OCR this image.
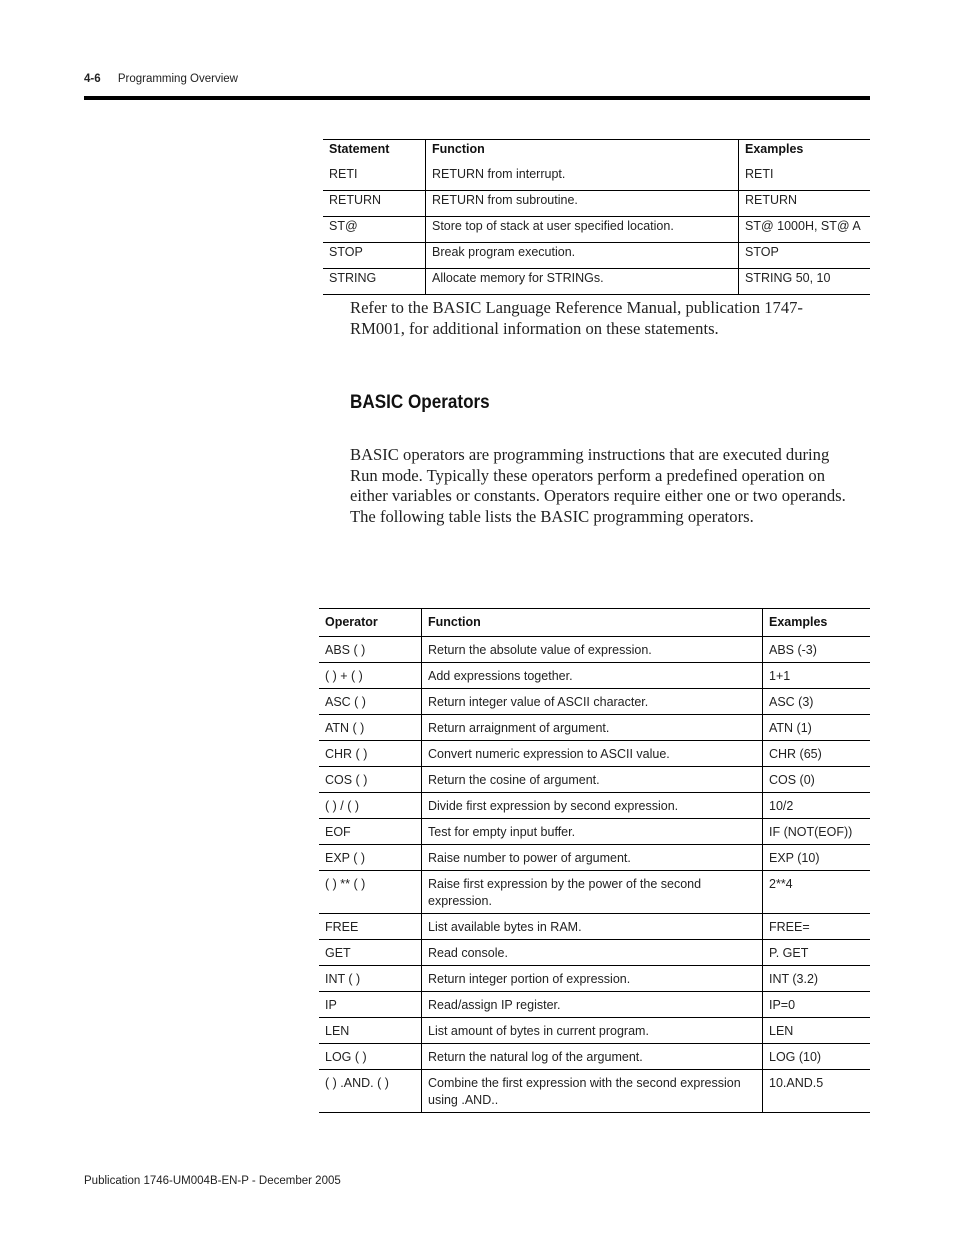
4-6 Programming Overview
Statement	Function	Examples
RETI	RETURN from interrupt.	RETI
RETURN	RETURN from subroutine.	RETURN
ST@	Store top of stack at user specified location.	ST@ 1000H, ST@ A
STOP	Break program execution.	STOP
STRING	Allocate memory for STRINGs.	STRING 50, 10
Refer to the BASIC Language Reference Manual, publication 1747-RM001, for additional information on these statements.
BASIC Operators
BASIC operators are programming instructions that are executed during Run mode. Typically these operators perform a predefined operation on either variables or constants. Operators require either one or two operands. The following table lists the BASIC programming operators.
Operator	Function	Examples
ABS ( )	Return the absolute value of expression.	ABS (-3)
( ) + ( )	Add expressions together.	1+1
ASC ( )	Return integer value of ASCII character.	ASC (3)
ATN ( )	Return arraignment of argument.	ATN (1)
CHR ( )	Convert numeric expression to ASCII value.	CHR (65)
COS ( )	Return the cosine of argument.	COS (0)
( ) / ( )	Divide first expression by second expression.	10/2
EOF	Test for empty input buffer.	IF (NOT(EOF))
EXP ( )	Raise number to power of argument.	EXP (10)
( ) ** ( )	Raise first expression by the power of the second expression.	2**4
FREE	List available bytes in RAM.	FREE=
GET	Read console.	P. GET
INT ( )	Return integer portion of expression.	INT (3.2)
IP	Read/assign IP register.	IP=0
LEN	List amount of bytes in current program.	LEN
LOG ( )	Return the natural log of the argument.	LOG (10)
( ) .AND. ( )	Combine the first expression with the second expression using .AND..	10.AND.5
Publication 1746-UM004B-EN-P - December 2005
